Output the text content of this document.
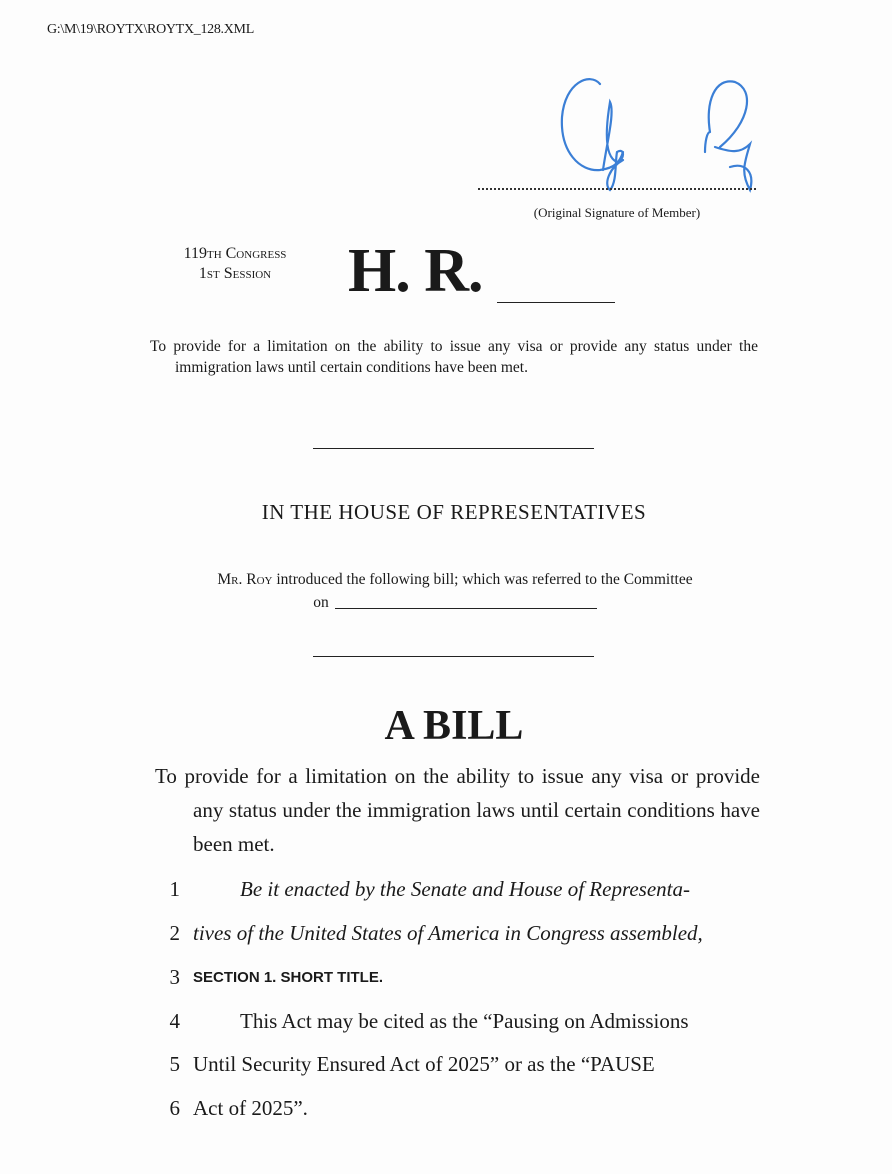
G:\M\19\ROYTX\ROYTX_128.XML
(Original Signature of Member)
119th Congress
1st Session	H. R.
To provide for a limitation on the ability to issue any visa or provide any status under the immigration laws until certain conditions have been met.
IN THE HOUSE OF REPRESENTATIVES
Mr. Roy introduced the following bill; which was referred to the Committee
on
A BILL
To provide for a limitation on the ability to issue any visa or provide any status under the immigration laws until certain conditions have been met.
1	Be it enacted by the Senate and House of Representa-
2 tives of the United States of America in Congress assembled,
3 SECTION 1. SHORT TITLE.
4	This Act may be cited as the “Pausing on Admissions
5 Until Security Ensured Act of 2025” or as the “PAUSE
6 Act of 2025”.
